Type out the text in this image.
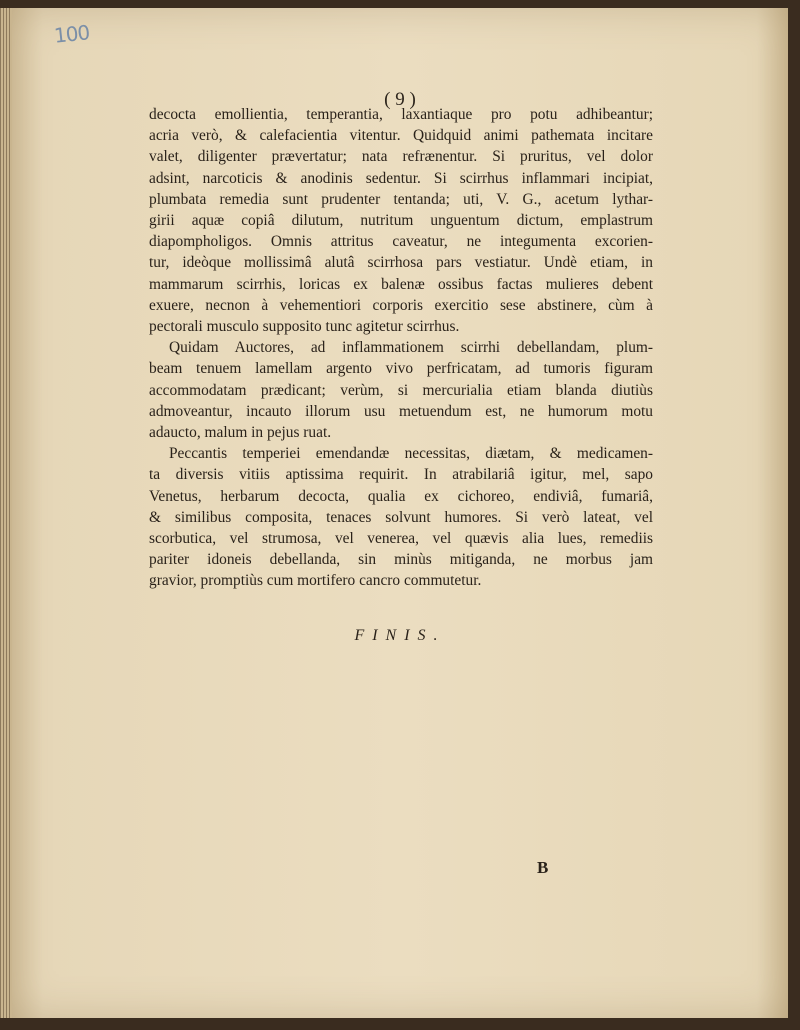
100
( 9 )

decocta emollientia, temperantia, laxantiaque pro potu adhibeantur;
acria verò, & calefacientia vitentur. Quidquid animi pathemata incitare
valet, diligenter prævertatur; nata refrænentur. Si pruritus, vel dolor
adsint, narcoticis & anodinis sedentur. Si scirrhus inflammari incipiat,
plumbata remedia sunt prudenter tentanda; uti, V. G., acetum lythar-
girii aquæ copiâ dilutum, nutritum unguentum dictum, emplastrum
diapompholigos. Omnis attritus caveatur, ne integumenta excorien-
tur, ideòque mollissimâ alutâ scirrhosa pars vestiatur. Undè etiam, in
mammarum scirrhis, loricas ex balenæ ossibus factas mulieres debent
exuere, necnon à vehementiori corporis exercitio sese abstinere, cùm à
pectorali musculo supposito tunc agitetur scirrhus.

Quidam Auctores, ad inflammationem scirrhi debellandam, plum-
beam tenuem lamellam argento vivo perfricatam, ad tumoris figuram
accommodatam prædicant; verùm, si mercurialia etiam blanda diutiùs
admoveantur, incauto illorum usu metuendum est, ne humorum motu
adaucto, malum in pejus ruat.

Peccantis temperiei emendandæ necessitas, diætam, & medicamen-
ta diversis vitiis aptissima requirit. In atrabilariâ igitur, mel, sapo
Venetus, herbarum decocta, qualia ex cichoreo, endiviâ, fumariâ,
& similibus composita, tenaces solvunt humores. Si verò lateat, vel
scorbutica, vel strumosa, vel venerea, vel quævis alia lues, remediis
pariter idoneis debellanda, sin minùs mitiganda, ne morbus jam
gravior, promptiùs cum mortifero cancro commutetur.

FINIS.
B
